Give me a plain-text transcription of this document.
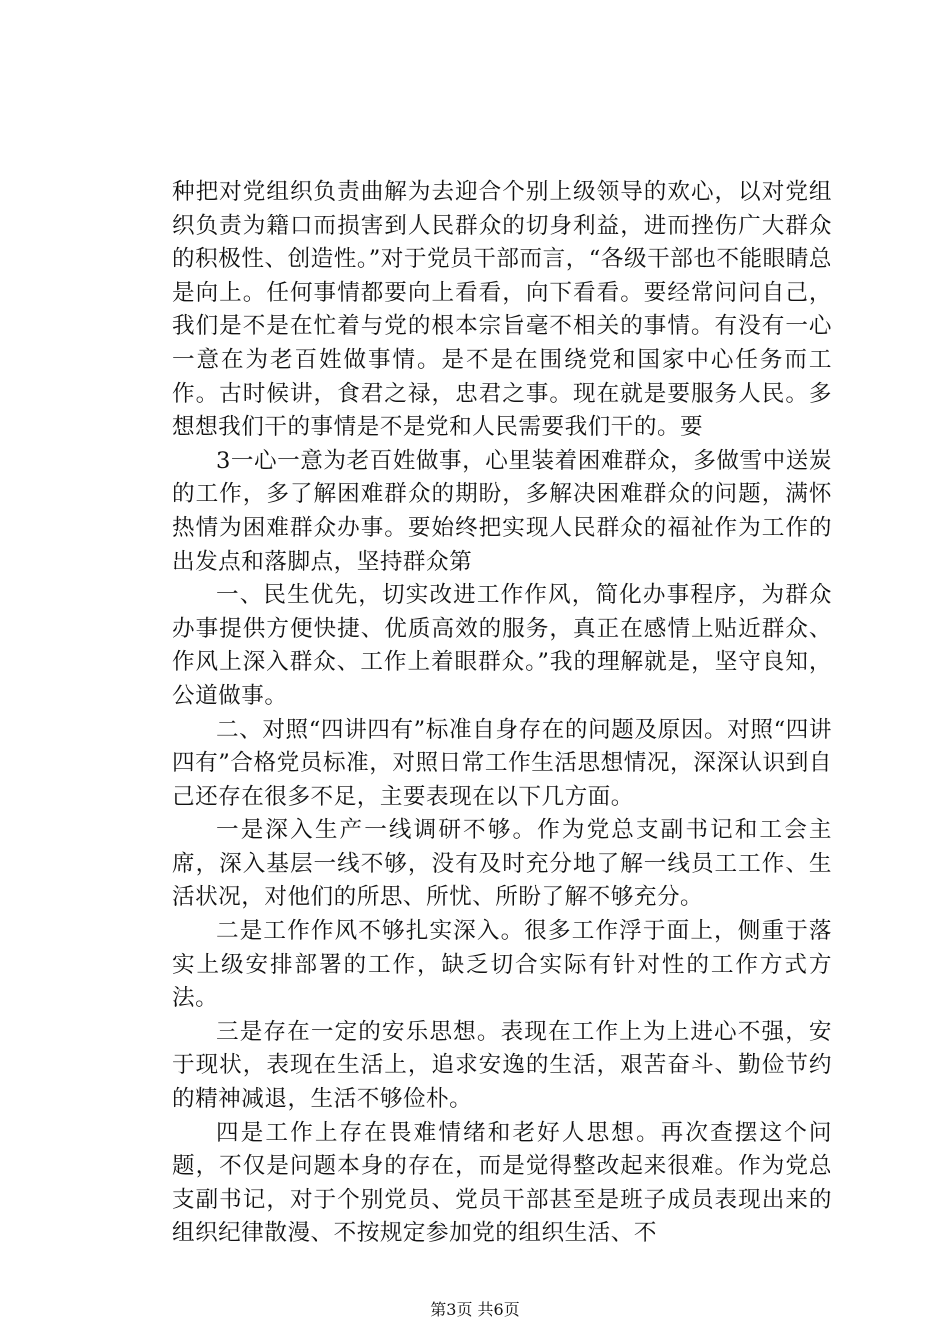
种把对党组织负责曲解为去迎合个别上级领导的欢心，以对党组织负责为籍口而损害到人民群众的切身利益，进而挫伤广大群众的积极性、创造性。”对于党员干部而言，“各级干部也不能眼睛总是向上。任何事情都要向上看看，向下看看。要经常问问自己，我们是不是在忙着与党的根本宗旨毫不相关的事情。有没有一心一意在为老百姓做事情。是不是在围绕党和国家中心任务而工作。古时候讲，食君之禄，忠君之事。现在就是要服务人民。多想想我们干的事情是不是党和人民需要我们干的。要

3一心一意为老百姓做事，心里装着困难群众，多做雪中送炭的工作，多了解困难群众的期盼，多解决困难群众的问题，满怀热情为困难群众办事。要始终把实现人民群众的福祉作为工作的出发点和落脚点，坚持群众第

一、民生优先，切实改进工作作风，简化办事程序，为群众办事提供方便快捷、优质高效的服务，真正在感情上贴近群众、作风上深入群众、工作上着眼群众。”我的理解就是，坚守良知，公道做事。

二、对照“四讲四有”标准自身存在的问题及原因。对照“四讲四有”合格党员标准，对照日常工作生活思想情况，深深认识到自己还存在很多不足，主要表现在以下几方面。

一是深入生产一线调研不够。作为党总支副书记和工会主席，深入基层一线不够，没有及时充分地了解一线员工工作、生活状况，对他们的所思、所忧、所盼了解不够充分。

二是工作作风不够扎实深入。很多工作浮于面上，侧重于落实上级安排部署的工作，缺乏切合实际有针对性的工作方式方法。

三是存在一定的安乐思想。表现在工作上为上进心不强，安于现状，表现在生活上，追求安逸的生活，艰苦奋斗、勤俭节约的精神减退，生活不够俭朴。

四是工作上存在畏难情绪和老好人思想。再次查摆这个问题，不仅是问题本身的存在，而是觉得整改起来很难。作为党总支副书记，对于个别党员、党员干部甚至是班子成员表现出来的组织纪律散漫、不按规定参加党的组织生活、不

第3页 共6页
